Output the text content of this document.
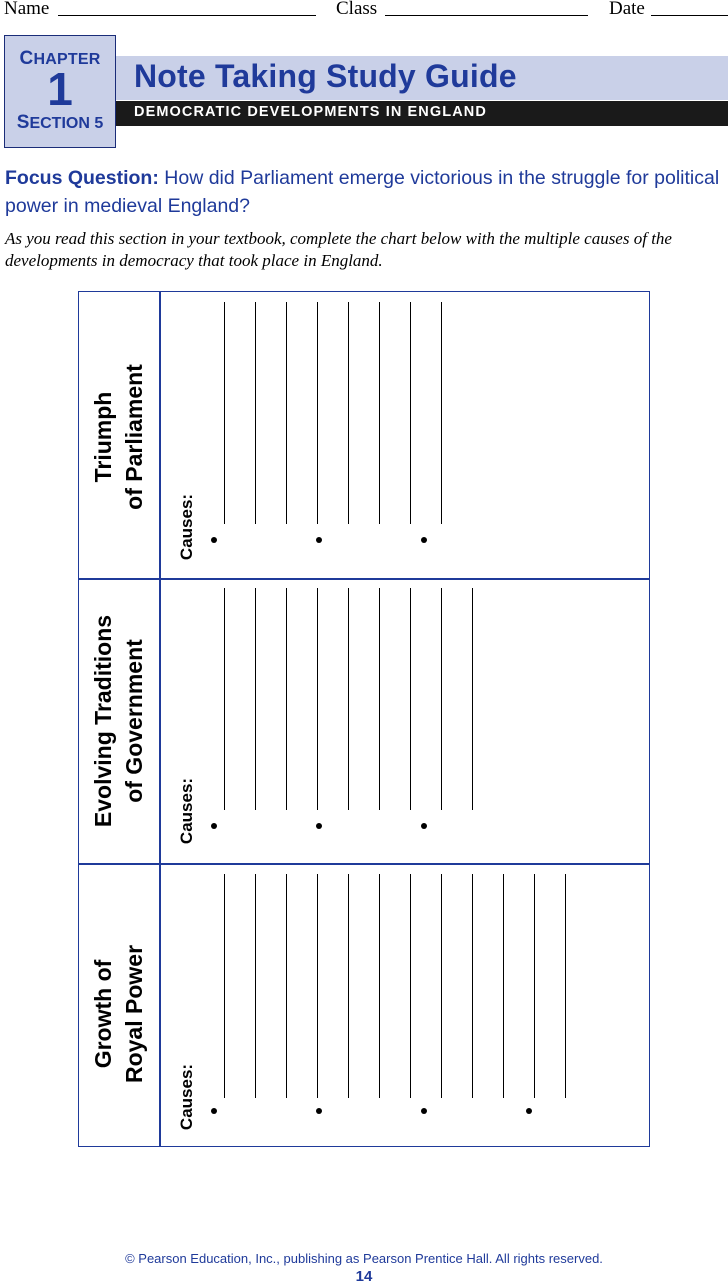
Name	Class	Date
CHAPTER
1
SECTION 5
Note Taking Study Guide
DEMOCRATIC DEVELOPMENTS IN ENGLAND
Focus Question: How did Parliament emerge victorious in the struggle for political power in medieval England?
As you read this section in your textbook, complete the chart below with the multiple causes of the developments in democracy that took place in England.
Triumph of Parliament
Causes:
Evolving Traditions of Government
Causes:
Growth of Royal Power
Causes:
© Pearson Education, Inc., publishing as Pearson Prentice Hall. All rights reserved.
14
